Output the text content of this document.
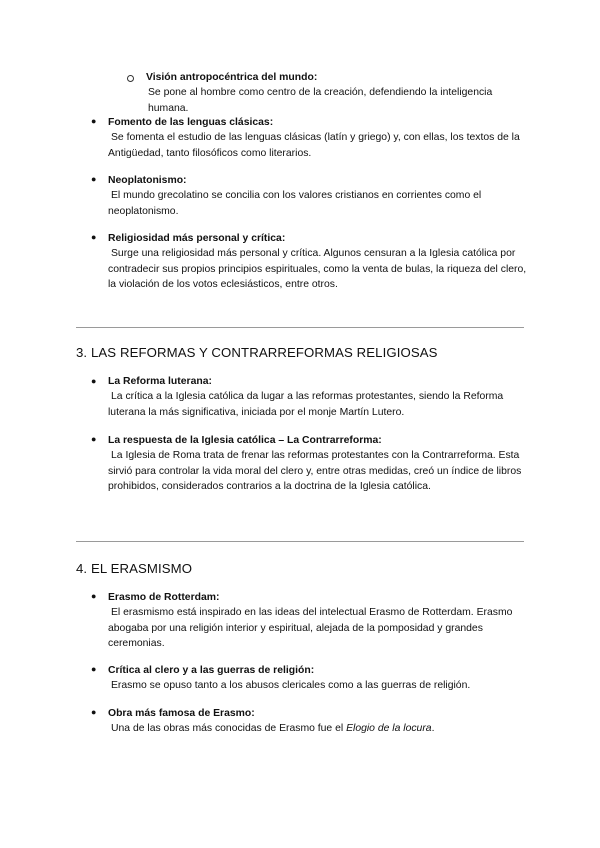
Visión antropocéntrica del mundo:
Se pone al hombre como centro de la creación, defendiendo la inteligencia humana.
● Fomento de las lenguas clásicas:
Se fomenta el estudio de las lenguas clásicas (latín y griego) y, con ellas, los textos de la Antigüedad, tanto filosóficos como literarios.
● Neoplatonismo:
El mundo grecolatino se concilia con los valores cristianos en corrientes como el neoplatonismo.
● Religiosidad más personal y crítica:
Surge una religiosidad más personal y crítica. Algunos censuran a la Iglesia católica por contradecir sus propios principios espirituales, como la venta de bulas, la riqueza del clero, la violación de los votos eclesiásticos, entre otros.
3. LAS REFORMAS Y CONTRARREFORMAS RELIGIOSAS
● La Reforma luterana:
La crítica a la Iglesia católica da lugar a las reformas protestantes, siendo la Reforma luterana la más significativa, iniciada por el monje Martín Lutero.
● La respuesta de la Iglesia católica – La Contrarreforma:
La Iglesia de Roma trata de frenar las reformas protestantes con la Contrarreforma. Esta sirvió para controlar la vida moral del clero y, entre otras medidas, creó un índice de libros prohibidos, considerados contrarios a la doctrina de la Iglesia católica.
4. EL ERASMISMO
● Erasmo de Rotterdam:
El erasmismo está inspirado en las ideas del intelectual Erasmo de Rotterdam. Erasmo abogaba por una religión interior y espiritual, alejada de la pomposidad y grandes ceremonias.
● Crítica al clero y a las guerras de religión:
Erasmo se opuso tanto a los abusos clericales como a las guerras de religión.
● Obra más famosa de Erasmo:
Una de las obras más conocidas de Erasmo fue el Elogio de la locura.
